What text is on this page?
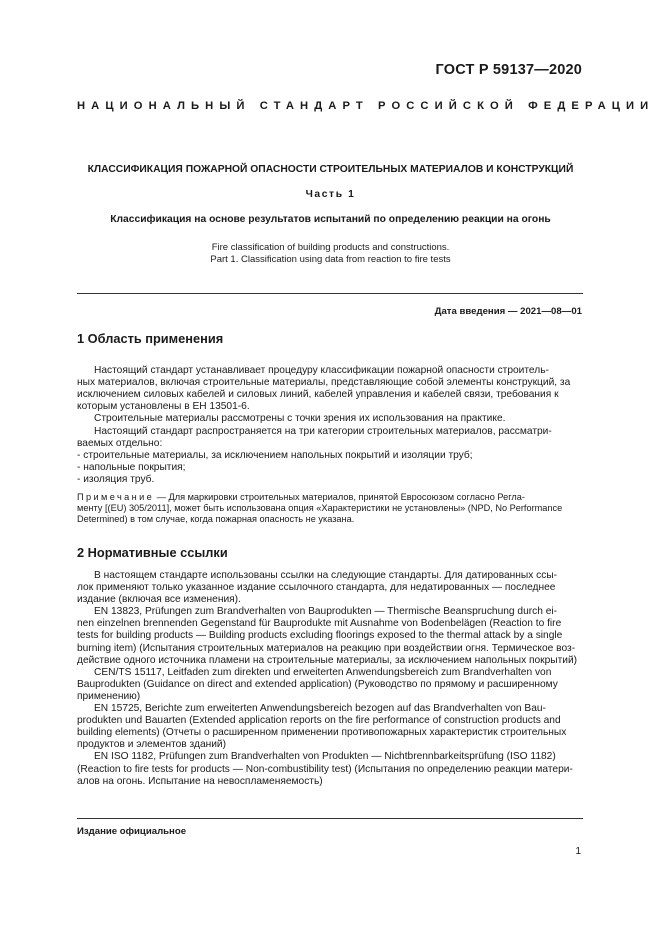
ГОСТ Р 59137—2020
НАЦИОНАЛЬНЫЙ СТАНДАРТ РОССИЙСКОЙ ФЕДЕРАЦИИ
КЛАССИФИКАЦИЯ ПОЖАРНОЙ ОПАСНОСТИ СТРОИТЕЛЬНЫХ МАТЕРИАЛОВ И КОНСТРУКЦИЙ
Часть 1
Классификация на основе результатов испытаний по определению реакции на огонь
Fire classification of building products and constructions.
Part 1. Classification using data from reaction to fire tests
Дата введения — 2021—08—01
1 Область применения
Настоящий стандарт устанавливает процедуру классификации пожарной опасности строитель-
ных материалов, включая строительные материалы, представляющие собой элементы конструкций, за
исключением силовых кабелей и силовых линий, кабелей управления и кабелей связи, требования к
которым установлены в ЕН 13501-6.
Строительные материалы рассмотрены с точки зрения их использования на практике.
Настоящий стандарт распространяется на три категории строительных материалов, рассматри-
ваемых отдельно:
- строительные материалы, за исключением напольных покрытий и изоляции труб;
- напольные покрытия;
- изоляция труб.
Примечание — Для маркировки строительных материалов, принятой Евросоюзом согласно Регла-
менту [(EU) 305/2011], может быть использована опция «Характеристики не установлены» (NPD, No Performance
Determined) в том случае, когда пожарная опасность не указана.
2 Нормативные ссылки
В настоящем стандарте использованы ссылки на следующие стандарты. Для датированных ссы-
лок применяют только указанное издание ссылочного стандарта, для недатированных — последнее
издание (включая все изменения).
EN 13823, Prüfungen zum Brandverhalten von Bauprodukten — Thermische Beanspruchung durch ei-
nen einzelnen brennenden Gegenstand für Bauprodukte mit Ausnahme von Bodenbelägen (Reaction to fire
tests for building products — Building products excluding floorings exposed to the thermal attack by a single
burning item) (Испытания строительных материалов на реакцию при воздействии огня. Термическое воз-
действие одного источника пламени на строительные материалы, за исключением напольных покрытий)
CEN/TS 15117, Leitfaden zum direkten und erweiterten Anwendungsbereich zum Brandverhalten von
Bauprodukten (Guidance on direct and extended application) (Руководство по прямому и расширенному
применению)
EN 15725, Berichte zum erweiterten Anwendungsbereich bezogen auf das Brandverhalten von Bau-
produkten und Bauarten (Extended application reports on the fire performance of construction products and
building elements) (Отчеты о расширенном применении противопожарных характеристик строительных
продуктов и элементов зданий)
EN ISO 1182, Prüfungen zum Brandverhalten von Produkten — Nichtbrennbarkeitsprüfung (ISO 1182)
(Reaction to fire tests for products — Non-combustibility test) (Испытания по определению реакции матери-
алов на огонь. Испытание на невоспламеняемость)
Издание официальное
1
